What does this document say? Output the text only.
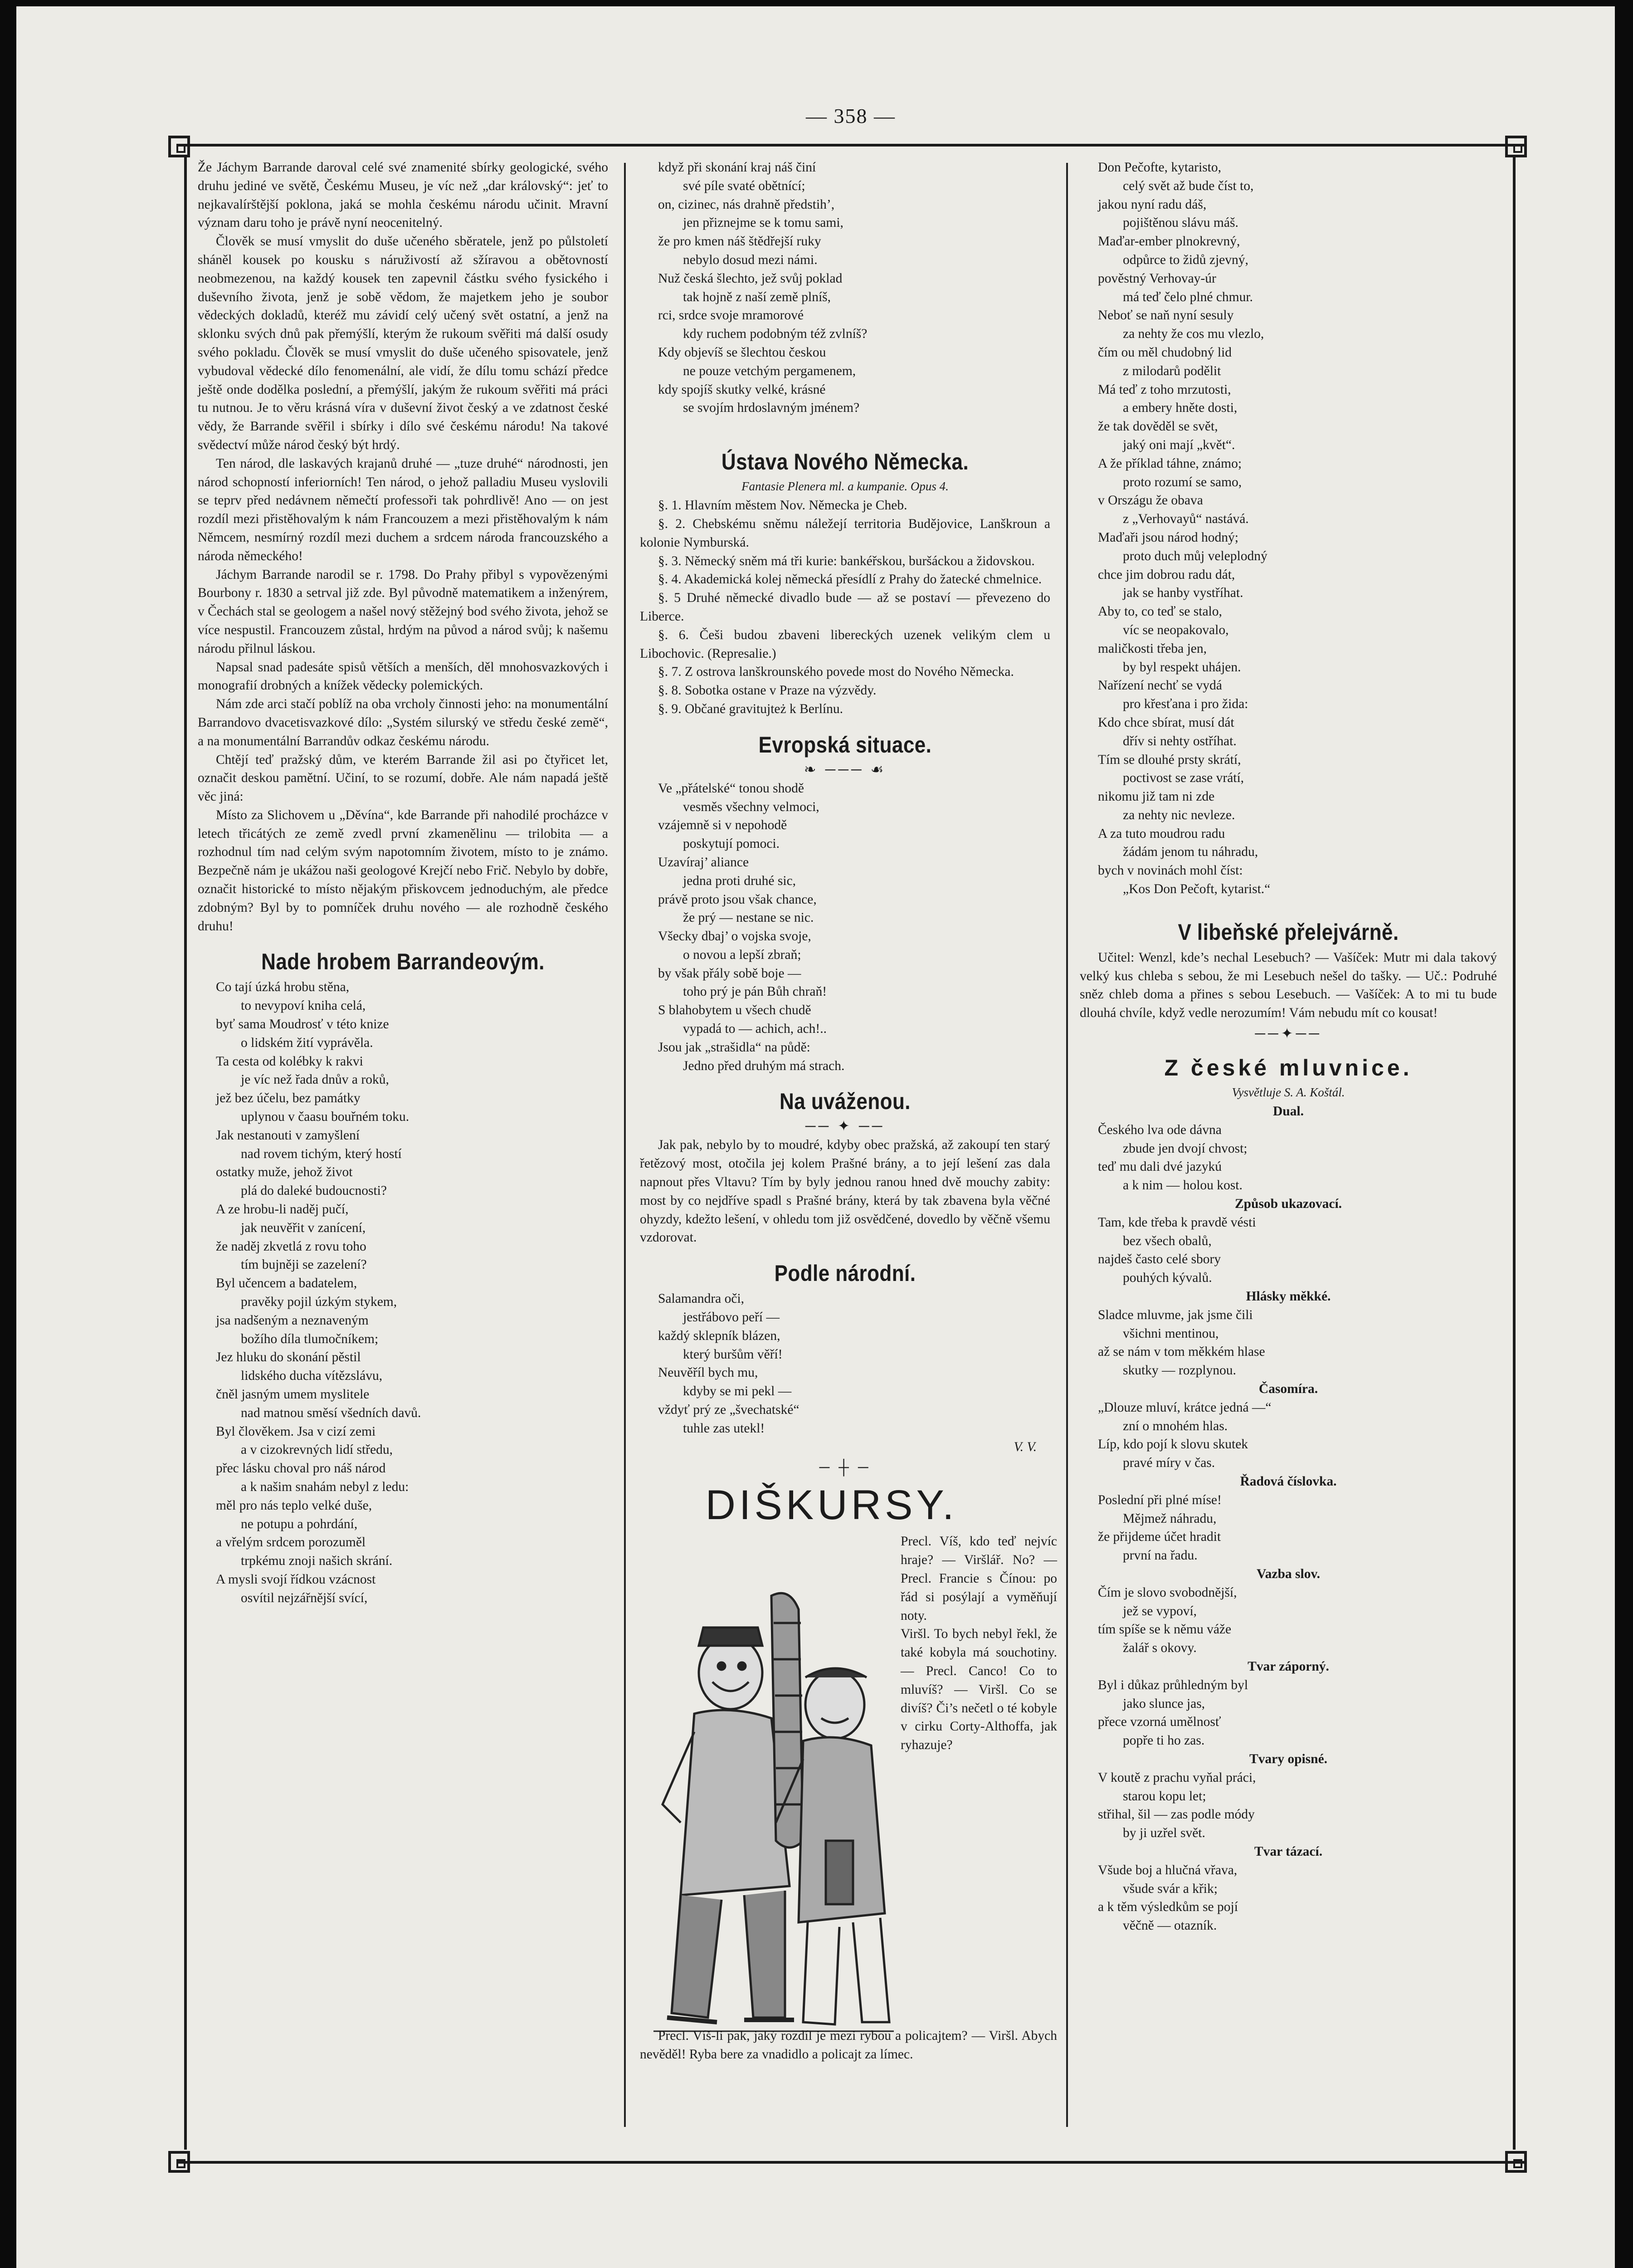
— 358 —

Že Jáchym Barrande daroval celé své znamenité sbírky geologické, svého druhu jediné ve světě, Českému Museu, je víc než „dar královský“: jeť to nejkavalírštější poklona, jaká se mohla českému národu učinit. Mravní význam daru toho je právě nyní neocenitelný.

Člověk se musí vmyslit do duše učeného sběratele, jenž po půlstoletí sháněl kousek po kousku s náruživostí až sžíravou a obětovností neobmezenou, na každý kousek ten zapevnil částku svého fysického i duševního života, jenž je sobě vědom, že majetkem jeho je soubor vědeckých dokladů, kteréž mu závidí celý učený svět ostatní, a jenž na sklonku svých dnů pak přemýšlí, kterým že rukoum svěřiti má další osudy svého pokladu. Člověk se musí vmyslit do duše učeného spisovatele, jenž vybudoval vědecké dílo fenomenální, ale vidí, že dílu tomu schází předce ještě onde dodělka poslední, a přemýšlí, jakým že rukoum svěřiti má práci tu nutnou. Je to věru krásná víra v duševní život český a ve zdatnost české vědy, že Barrande svěřil i sbírky i dílo své českému národu! Na takové svědectví může národ český být hrdý.

Ten národ, dle laskavých krajanů druhé — „tuze druhé“ národnosti, jen národ schopností inferiorních! Ten národ, o jehož palladiu Museu vyslovili se teprv před nedávnem němečtí professoři tak pohrdlivě! Ano — on jest rozdíl mezi přistěhovalým k nám Francouzem a mezi přistěhovalým k nám Němcem, nesmírný rozdíl mezi duchem a srdcem národa francouzského a národa německého!

Jáchym Barrande narodil se r. 1798. Do Prahy přibyl s vypovězenými Bourbony r. 1830 a setrval již zde. Byl původně matematikem a inženýrem, v Čechách stal se geologem a našel nový stěžejný bod svého života, jehož se více nespustil. Francouzem zůstal, hrdým na původ a národ svůj; k našemu národu přilnul láskou.

Napsal snad padesáte spisů větších a menších, děl mnohosvazkových i monografií drobných a knížek vědecky polemických.

Nám zde arci stačí poblíž na oba vrcholy činnosti jeho: na monumentální Barrandovo dvacetisvazkové dílo: „Systém silurský ve středu české země“, a na monumentální Barrandův odkaz českému národu.

Chtějí teď pražský dům, ve kterém Barrande žil asi po čtyřicet let, označit deskou pamětní. Učiní, to se rozumí, dobře. Ale nám napadá ještě věc jiná:

Místo za Slichovem u „Děvína“, kde Barrande při nahodilé procházce v letech třicátých ze země zvedl první zkamenělinu — trilobita — a rozhodnul tím nad celým svým napotomním životem, místo to je známo. Bezpečně nám je ukážou naši geologové Krejčí nebo Frič. Nebylo by dobře, označit historické to místo nějakým přiskovcem jednoduchým, ale předce zdobným? Byl by to pomníček druhu nového — ale rozhodně českého druhu!

Nade hrobem Barrandeovým.
Co tají úzká hrobu stěna,
to nevypoví kniha celá,
byť sama Moudrosť v této knize
o lidském žití vyprávěla.
Ta cesta od kolébky k rakvi
je víc než řada dnův a roků,
jež bez účelu, bez památky
uplynou v čaasu bouřném toku.
Jak nestanouti v zamyšlení
nad rovem tichým, který hostí
ostatky muže, jehož život
plá do daleké budoucnosti?
A ze hrobu-li naděj pučí,
jak neuvěřit v zanícení,
že naděj zkvetlá z rovu toho
tím bujněji se zazelení?
Byl učencem a badatelem,
pravěky pojil úzkým stykem,
jsa nadšeným a neznaveným
božího díla tlumočníkem;
Jez hluku do skonání pěstil
lidského ducha vítězslávu,
čněl jasným umem myslitele
nad matnou směsí všedních davů.
Byl člověkem. Jsa v cizí zemi
a v cizokrevných lidí středu,
přec lásku choval pro náš národ
a k našim snahám nebyl z ledu:
měl pro nás teplo velké duše,
ne potupu a pohrdání,
a vřelým srdcem porozuměl
trpkému znoji našich skrání.
A mysli svojí řídkou vzácnost
osvítil nejzářnější svící,
když při skonání kraj náš činí
své píle svaté obětnící;
on, cizinec, nás drahně předstih’,
jen přiznejme se k tomu sami,
že pro kmen náš štědřejší ruky
nebylo dosud mezi námi.
Nuž česká šlechto, jež svůj poklad
tak hojně z naší země plníš,
rci, srdce svoje mramorové
kdy ruchem podobným též zvlníš?
Kdy objevíš se šlechtou českou
ne pouze vetchým pergamenem,
kdy spojíš skutky velké, krásné
se svojím hrdoslavným jménem?
Ústava Nového Německa.
Fantasie Plenera ml. a kumpanie. Opus 4.

§. 1. Hlavním městem Nov. Německa je Cheb.

§. 2. Chebskému sněmu náležejí territoria Budějovice, Lanškroun a kolonie Nymburská.

§. 3. Německý sněm má tři kurie: bankéřskou, buršáckou a židovskou.

§. 4. Akademická kolej německá přesídlí z Prahy do žatecké chmelnice.

§. 5 Druhé německé divadlo bude — až se postaví — převezeno do Liberce.

§. 6. Češi budou zbaveni libereckých uzenek velikým clem u Libochovic. (Represalie.)

§. 7. Z ostrova lanškrounského povede most do Nového Německa.

§. 8. Sobotka ostane v Praze na výzvědy.

§. 9. Občané gravitujteż k Berlínu.

Evropská situace.
❧ ─── ☙
Ve „přátelské“ tonou shodě
vesměs všechny velmoci,
vzájemně si v nepohodě
poskytují pomoci.
Uzavíraj’ aliance
jedna proti druhé sic,
právě proto jsou však chance,
že prý — nestane se nic.
Všecky dbaj’ o vojska svoje,
o novou a lepší zbraň;
by však přály sobě boje —
toho prý je pán Bůh chraň!
S blahobytem u všech chudě
vypadá to — achich, ach!..
Jsou jak „strašidla“ na půdě:
Jedno před druhým má strach.
Na uváženou.
── ✦ ──

Jak pak, nebylo by to moudré, kdyby obec pražská, až zakoupí ten starý řetězový most, otočila jej kolem Prašné brány, a to její lešení zas dala napnout přes Vltavu? Tím by byly jednou ranou hned dvě mouchy zabity: most by co nejdříve spadl s Prašné brány, která by tak zbavena byla věčné ohyzdy, kdežto lešení, v ohledu tom již osvědčené, dovedlo by věčně všemu vzdorovat.

Podle národní.
Salamandra oči,
jestřábovo peří —
každý sklepník blázen,
který buršům věří!
Neuvěříl bych mu,
kdyby se mi pekl —
vždyť prý ze „švechatské“
tuhle zas utekl!
V. V.
─ ┼ ─
DIŠKURSY.

Precl. Víš, kdo teď nejvíc hraje? — Viršlář. No? — Precl. Francie s Čínou: po řád si posýlají a vyměňují noty.
Viršl. To bych nebyl řekl, že také kobyla má souchotiny. — Precl. Canco! Co to mluvíš? — Viršl. Co se divíš? Či’s nečetl o té kobyle v cirku Corty-Althoffa, jak ryhazuje?

Precl. Víš-li pak, jaký rozdíl je mezi rybou a policajtem? — Viršl. Abych nevěděl! Ryba bere za vnadidlo a policajt za límec.

Don Pečofte, kytaristo,
celý svět až bude číst to,
jakou nyní radu dáš,
pojištěnou slávu máš.
Maďar-ember plnokrevný,
odpůrce to židů zjevný,
pověstný Verhovay-úr
má teď čelo plné chmur.
Neboť se naň nyní sesuly
za nehty že cos mu vlezlo,
čím ou měl chudobný lid
z milodarů podělit
Má teď z toho mrzutosti,
a embery hněte dosti,
že tak dověděl se svět,
jaký oni mají „květ“.
A že příklad táhne, známo;
proto rozumí se samo,
v Országu že obava
z „Verhovayů“ nastává.
Maďaři jsou národ hodný;
proto duch můj veleplodný
chce jim dobrou radu dát,
jak se hanby vystříhat.
Aby to, co teď se stalo,
víc se neopakovalo,
maličkosti třeba jen,
by byl respekt uhájen.
Nařízení nechť se vydá
pro křesťana i pro žida:
Kdo chce sbírat, musí dát
dřív si nehty ostříhat.
Tím se dlouhé prsty skrátí,
poctivost se zase vrátí,
nikomu již tam ni zde
za nehty nic nevleze.
A za tuto moudrou radu
žádám jenom tu náhradu,
bych v novinách mohl číst:
„Kos Don Pečoft, kytarist.“
V libeňské přelejvárně.

Učitel: Wenzl, kde’s nechal Lesebuch? — Vašíček: Mutr mi dala takový velký kus chleba s sebou, že mi Lesebuch nešel do tašky. — Uč.: Podruhé sněz chleb doma a přines s sebou Lesebuch. — Vašíček: A to mi tu bude dlouhá chvíle, když vedle nerozumím! Vám nebudu mít co kousat!

──✦──
Z české mluvnice.
Vysvětluje S. A. Koštál.
Dual.
Českého lva ode dávna
zbude jen dvojí chvost;
teď mu dali dvé jazykú
a k nim — holou kost.
Způsob ukazovací.
Tam, kde třeba k pravdě vésti
bez všech obalů,
najdeš často celé sbory
pouhých kývalů.
Hlásky měkké.
Sladce mluvme, jak jsme čili
všichni mentinou,
až se nám v tom měkkém hlase
skutky — rozplynou.
Časomíra.
„Dlouze mluví, krátce jedná —“
zní o mnohém hlas.
Líp, kdo pojí k slovu skutek
pravé míry v čas.
Řadová číslovka.
Poslední při plné míse!
Mějmež náhradu,
že přijdeme účet hradit
první na řadu.
Vazba slov.
Čím je slovo svobodnější,
jež se vypoví,
tím spíše se k němu váže
žalář s okovy.
Tvar záporný.
Byl i důkaz průhledným byl
jako slunce jas,
přece vzorná umělnosť
popře ti ho zas.
Tvary opisné.
V koutě z prachu vyňal práci,
starou kopu let;
střihal, šil — zas podle módy
by ji uzřel svět.
Tvar tázací.
Všude boj a hlučná vřava,
všude svár a křik;
a k těm výsledkům se pojí
věčně — otazník.
